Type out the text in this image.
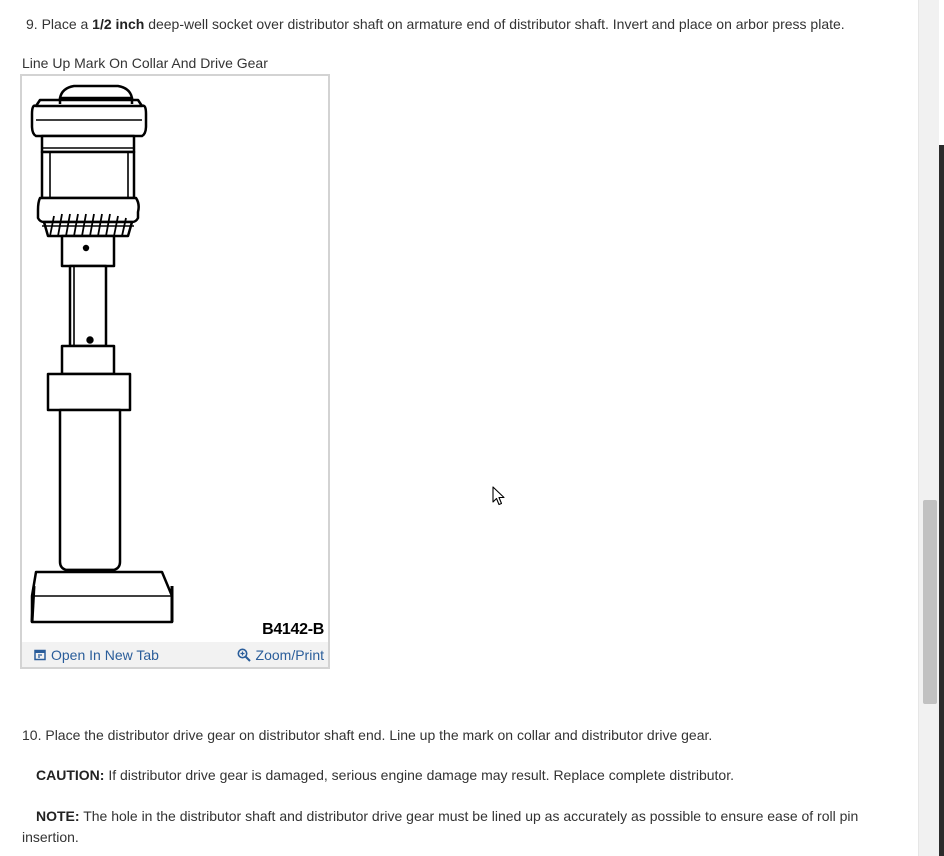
9. Place a 1/2 inch deep-well socket over distributor shaft on armature end of distributor shaft. Invert and place on arbor press plate.

Line Up Mark On Collar And Drive Gear
B4142-B
Open In New Tab	Zoom/Print

10. Place the distributor drive gear on distributor shaft end. Line up the mark on collar and distributor drive gear.

CAUTION: If distributor drive gear is damaged, serious engine damage may result. Replace complete distributor.

NOTE: The hole in the distributor shaft and distributor drive gear must be lined up as accurately as possible to ensure ease of roll pin insertion.
